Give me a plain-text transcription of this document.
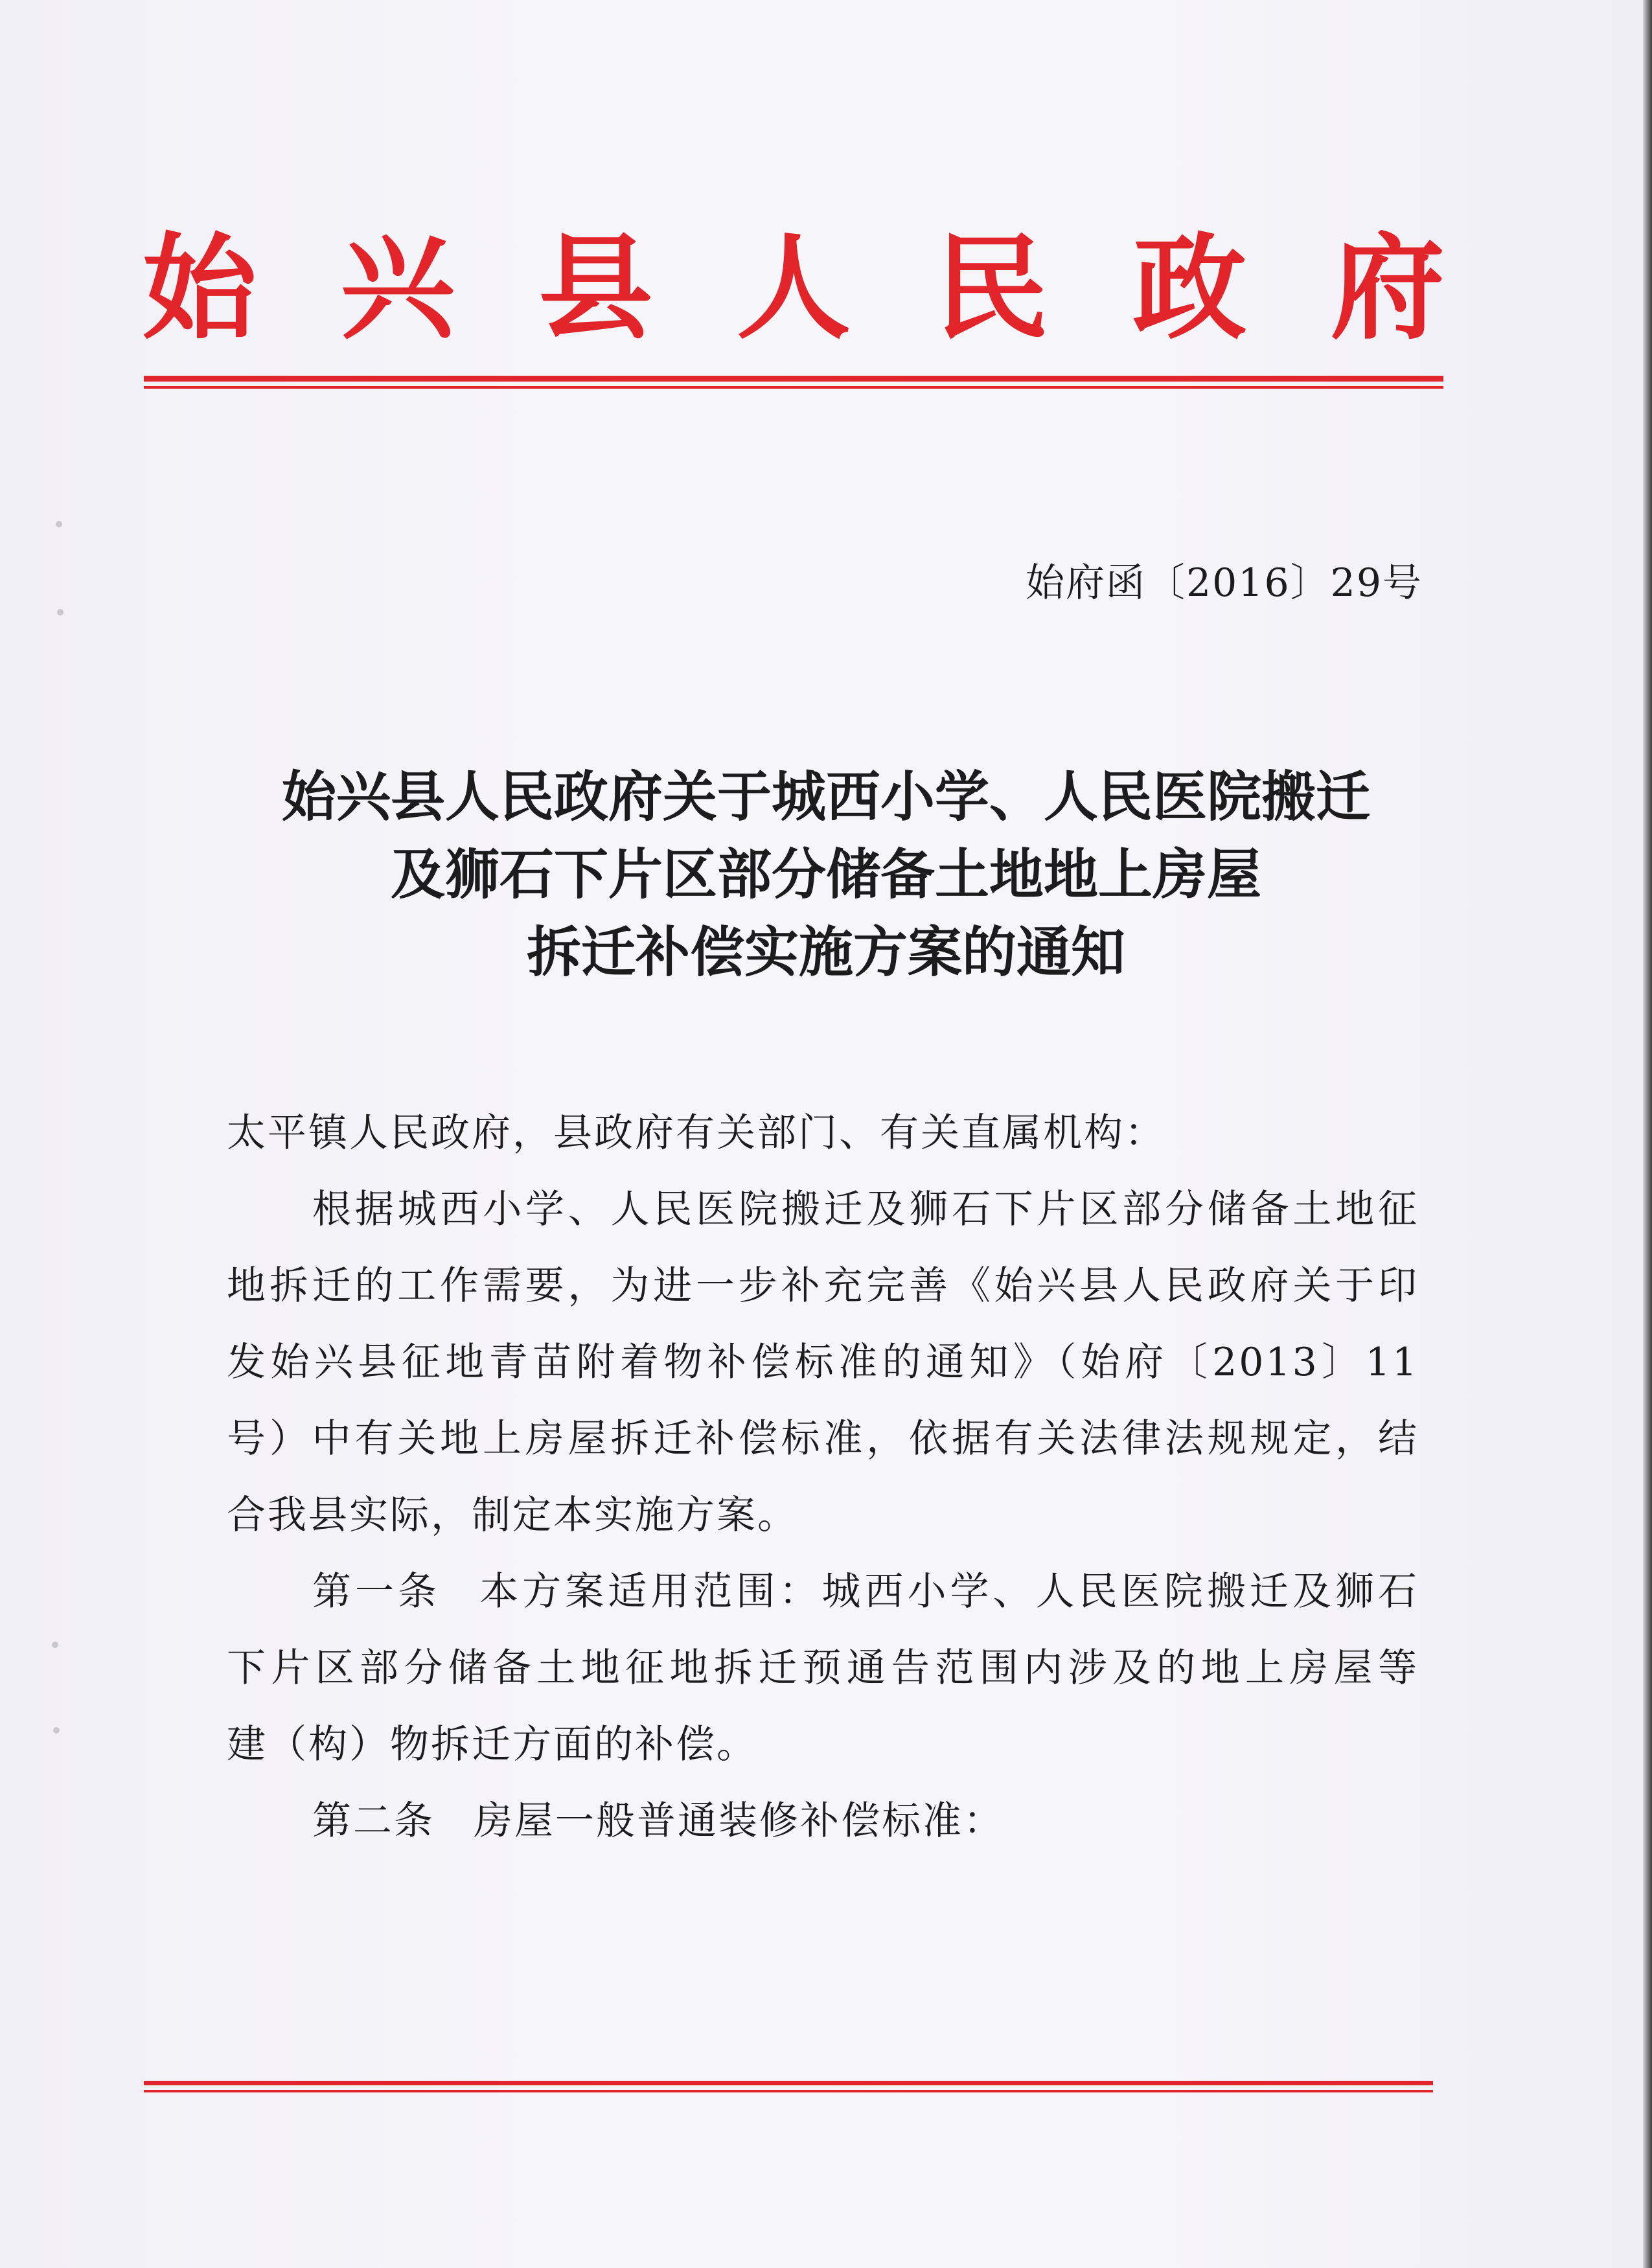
始 兴 县 人 民 政 府
始府函〔2016〕29号
始兴县人民政府关于城西小学、人民医院搬迁
及狮石下片区部分储备土地地上房屋
拆迁补偿实施方案的通知
太平镇人民政府，县政府有关部门、有关直属机构：
根据城西小学、人民医院搬迁及狮石下片区部分储备土地征
地拆迁的工作需要，为进一步补充完善《始兴县人民政府关于印
发始兴县征地青苗附着物补偿标准的通知》（始府〔2013〕11
号）中有关地上房屋拆迁补偿标准，依据有关法律法规规定，结
合我县实际，制定本实施方案。
第一条 本方案适用范围：城西小学、人民医院搬迁及狮石
下片区部分储备土地征地拆迁预通告范围内涉及的地上房屋等
建（构）物拆迁方面的补偿。
第二条 房屋一般普通装修补偿标准：
